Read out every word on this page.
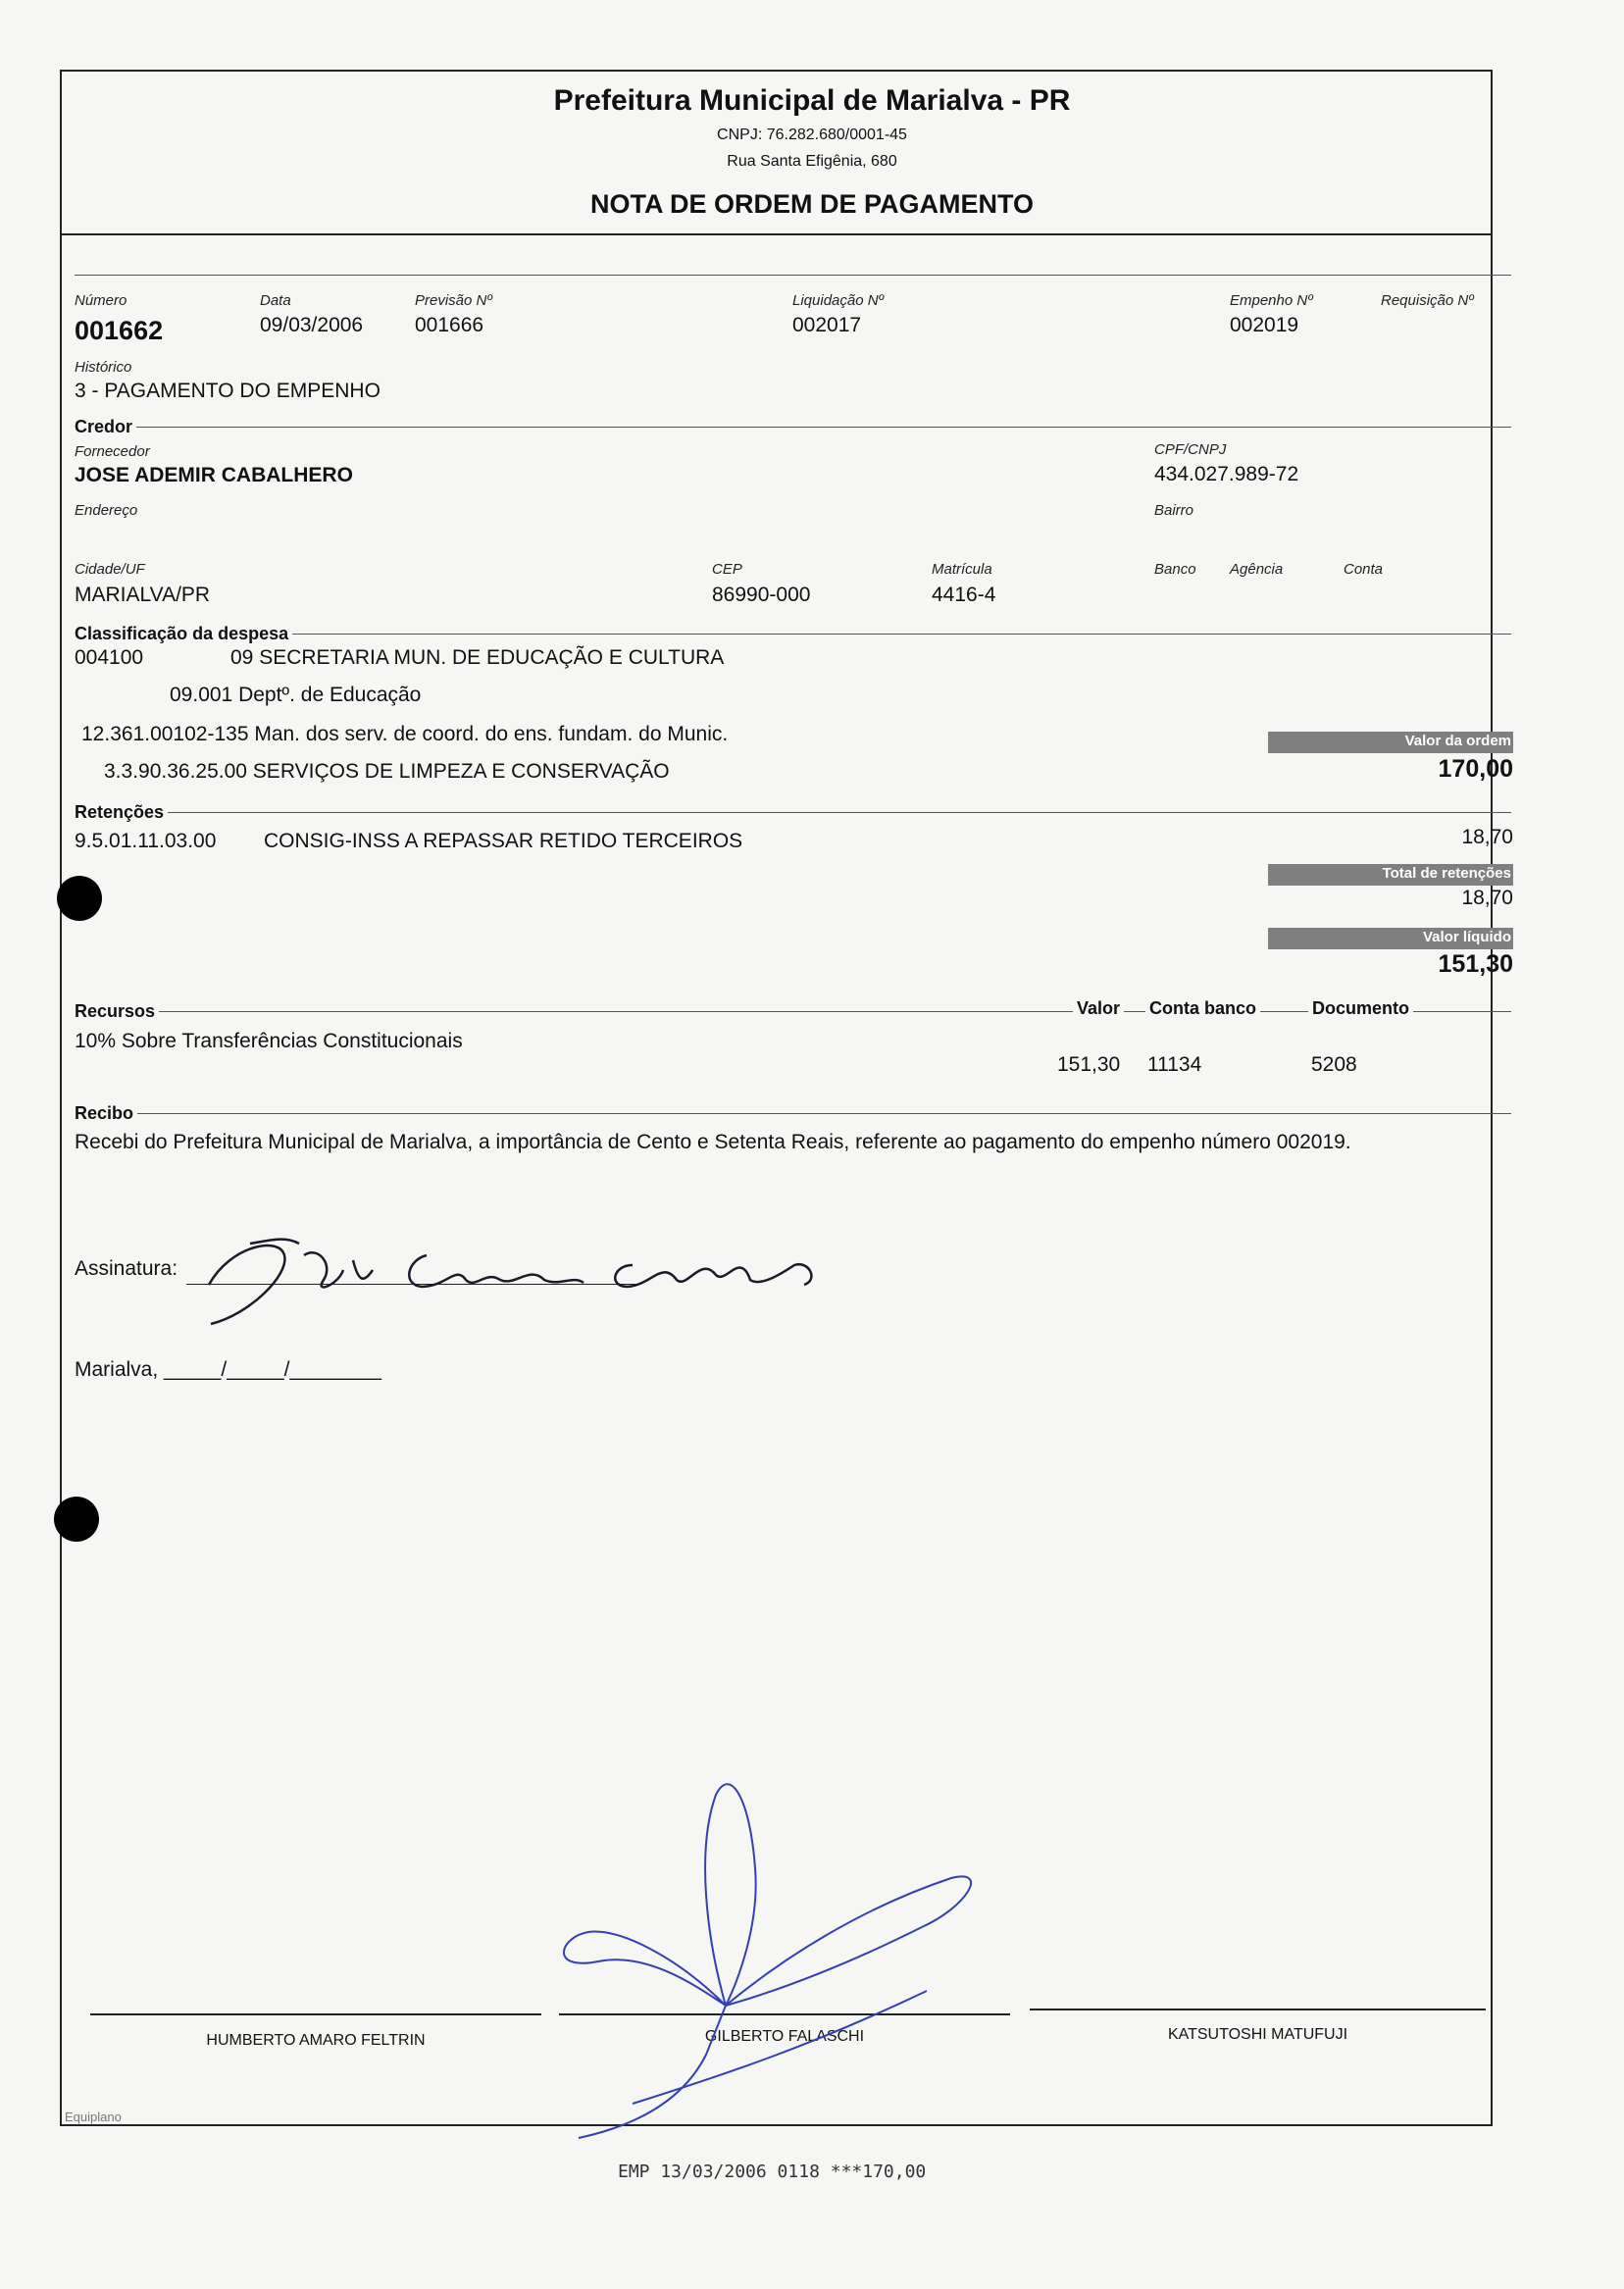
Prefeitura Municipal de Marialva - PR
CNPJ: 76.282.680/0001-45
Rua Santa Efigênia, 680
NOTA DE ORDEM DE PAGAMENTO
Número
001662
Data
09/03/2006
Previsão Nº
001666
Liquidação Nº
002017
Empenho Nº
002019
Requisição Nº
Histórico
3 - PAGAMENTO DO EMPENHO
Credor
Fornecedor
JOSE ADEMIR CABALHERO
CPF/CNPJ
434.027.989-72
Endereço	Bairro
Cidade/UF
MARIALVA/PR
CEP
86990-000
Matrícula
4416-4
Banco Agência	Conta
Classificação da despesa
004100	09 SECRETARIA MUN. DE EDUCAÇÃO E CULTURA
09.001 Deptº. de Educação
12.361.00102-135 Man. dos serv. de coord. do ens. fundam. do Munic.
3.3.90.36.25.00 SERVIÇOS DE LIMPEZA E CONSERVAÇÃO
Valor da ordem
170,00
Retenções
9.5.01.11.03.00 CONSIG-INSS A REPASSAR RETIDO TERCEIROS	18,70
Total de retenções
18,70
Valor líquido
151,30
Recursos	Valor Conta banco	Documento
10% Sobre Transferências Constitucionais
151,30 11134	5208
Recibo
Recebi do Prefeitura Municipal de Marialva, a importância de Cento e Setenta Reais, referente ao pagamento do empenho número 002019.
Assinatura:
Marialva, _____/_____/________
HUMBERTO AMARO FELTRIN	GILBERTO FALASCHI	KATSUTOSHI MATUFUJI
Equiplano
EMP 13/03/2006 0118 ***170,00
